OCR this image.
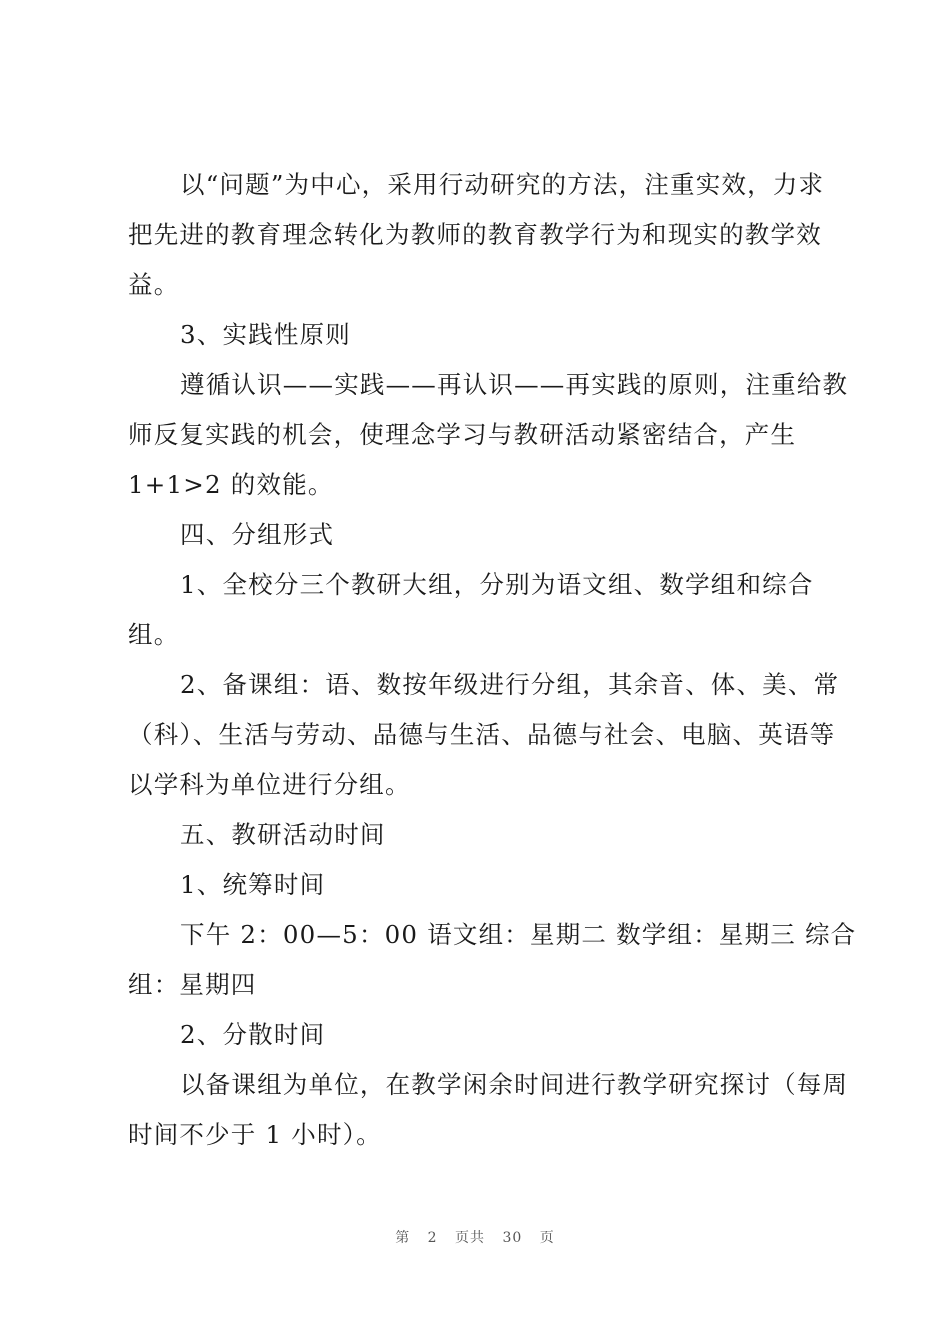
以“问题”为中心，采用行动研究的方法，注重实效，力求
把先进的教育理念转化为教师的教育教学行为和现实的教学效
益。
3、实践性原则
遵循认识——实践——再认识——再实践的原则，注重给教
师反复实践的机会，使理念学习与教研活动紧密结合，产生
1+1>2 的效能。
四、分组形式
1、全校分三个教研大组，分别为语文组、数学组和综合
组。
2、备课组：语、数按年级进行分组，其余音、体、美、常
（科）、生活与劳动、品德与生活、品德与社会、电脑、英语等
以学科为单位进行分组。
五、教研活动时间
1、统筹时间
下午 2：00—5：00 语文组：星期二 数学组：星期三 综合
组：星期四
2、分散时间
以备课组为单位，在教学闲余时间进行教学研究探讨（每周
时间不少于 1 小时）。
第 2 页共 30 页
